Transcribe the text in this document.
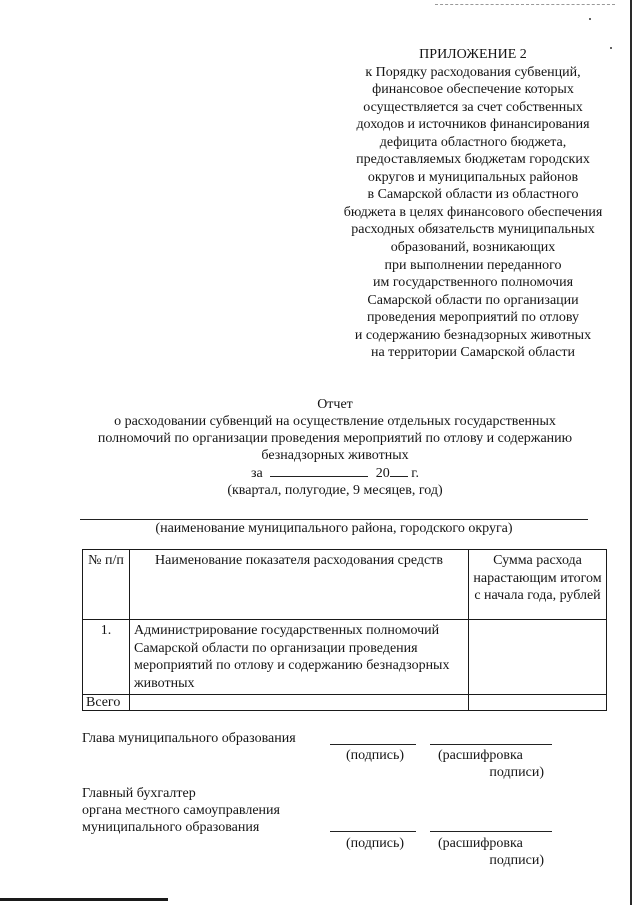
ПРИЛОЖЕНИЕ 2
к Порядку расходования субвенций,
финансовое обеспечение которых
осуществляется за счет собственных
доходов и источников финансирования
дефицита областного бюджета,
предоставляемых бюджетам городских
округов и муниципальных районов
в Самарской области из областного
бюджета в целях финансового обеспечения
расходных обязательств муниципальных
образований, возникающих
при выполнении переданного
им государственного полномочия
Самарской области по организации
проведения мероприятий по отлову
и содержанию безнадзорных животных
на территории Самарской области
Отчет
о расходовании субвенций на осуществление отдельных государственных
полномочий по организации проведения мероприятий по отлову и содержанию
безнадзорных животных
за	20 г.
(квартал, полугодие, 9 месяцев, год)
(наименование муниципального района, городского округа)
№ п/п	Наименование показателя расходования средств	Сумма расхода нарастающим итогом с начала года, рублей
1.	Администрирование государственных полномочий Самарской области по организации проведения мероприятий по отлову и содержанию безнадзорных животных	
Всего		
Глава муниципального образования
(подпись)	(расшифровка
подписи)
Главный бухгалтер
органа местного самоуправления
муниципального образования
(подпись)	(расшифровка
подписи)
